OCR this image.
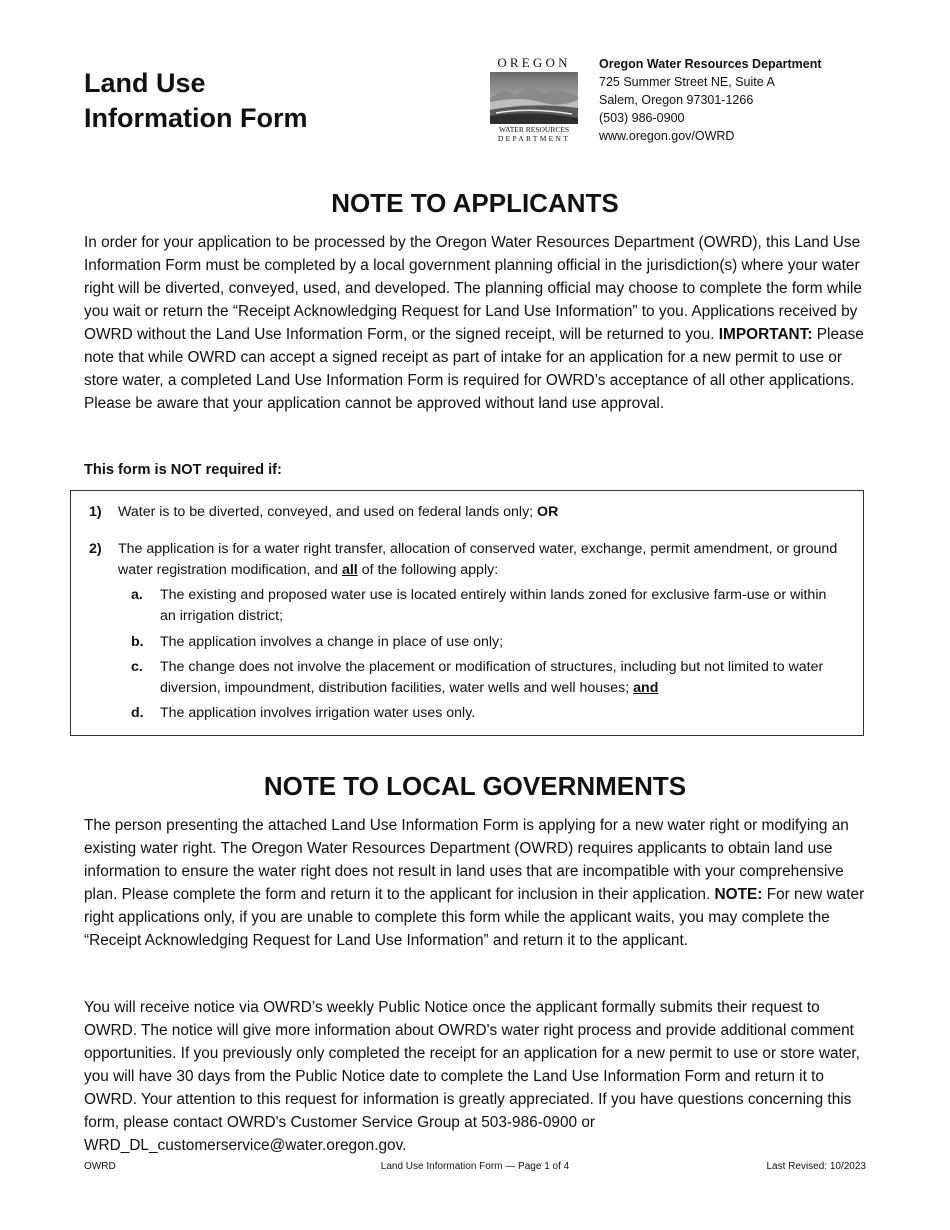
Land Use
Information Form
OREGON
WATER RESOURCES
DEPARTMENT
Oregon Water Resources Department
725 Summer Street NE, Suite A
Salem, Oregon 97301-1266
(503) 986-0900
www.oregon.gov/OWRD
NOTE TO APPLICANTS

In order for your application to be processed by the Oregon Water Resources Department (OWRD), this Land Use Information Form must be completed by a local government planning official in the jurisdiction(s) where your water right will be diverted, conveyed, used, and developed. The planning official may choose to complete the form while you wait or return the “Receipt Acknowledging Request for Land Use Information” to you. Applications received by OWRD without the Land Use Information Form, or the signed receipt, will be returned to you. IMPORTANT: Please note that while OWRD can accept a signed receipt as part of intake for an application for a new permit to use or store water, a completed Land Use Information Form is required for OWRD’s acceptance of all other applications. Please be aware that your application cannot be approved without land use approval.

This form is NOT required if:

1) Water is to be diverted, conveyed, and used on federal lands only; OR
2) The application is for a water right transfer, allocation of conserved water, exchange, permit amendment, or ground water registration modification, and all of the following apply:
a. The existing and proposed water use is located entirely within lands zoned for exclusive farm-use or within an irrigation district;
b. The application involves a change in place of use only;
c. The change does not involve the placement or modification of structures, including but not limited to water diversion, impoundment, distribution facilities, water wells and well houses; and
d. The application involves irrigation water uses only.
NOTE TO LOCAL GOVERNMENTS

The person presenting the attached Land Use Information Form is applying for a new water right or modifying an existing water right. The Oregon Water Resources Department (OWRD) requires applicants to obtain land use information to ensure the water right does not result in land uses that are incompatible with your comprehensive plan. Please complete the form and return it to the applicant for inclusion in their application. NOTE: For new water right applications only, if you are unable to complete this form while the applicant waits, you may complete the “Receipt Acknowledging Request for Land Use Information” and return it to the applicant.

You will receive notice via OWRD’s weekly Public Notice once the applicant formally submits their request to OWRD. The notice will give more information about OWRD's water right process and provide additional comment opportunities. If you previously only completed the receipt for an application for a new permit to use or store water, you will have 30 days from the Public Notice date to complete the Land Use Information Form and return it to OWRD. Your attention to this request for information is greatly appreciated. If you have questions concerning this form, please contact OWRD's Customer Service Group at 503-986-0900 or WRD_DL_customerservice@water.oregon.gov.

OWRD	Land Use Information Form — Page 1 of 4	Last Revised: 10/2023
